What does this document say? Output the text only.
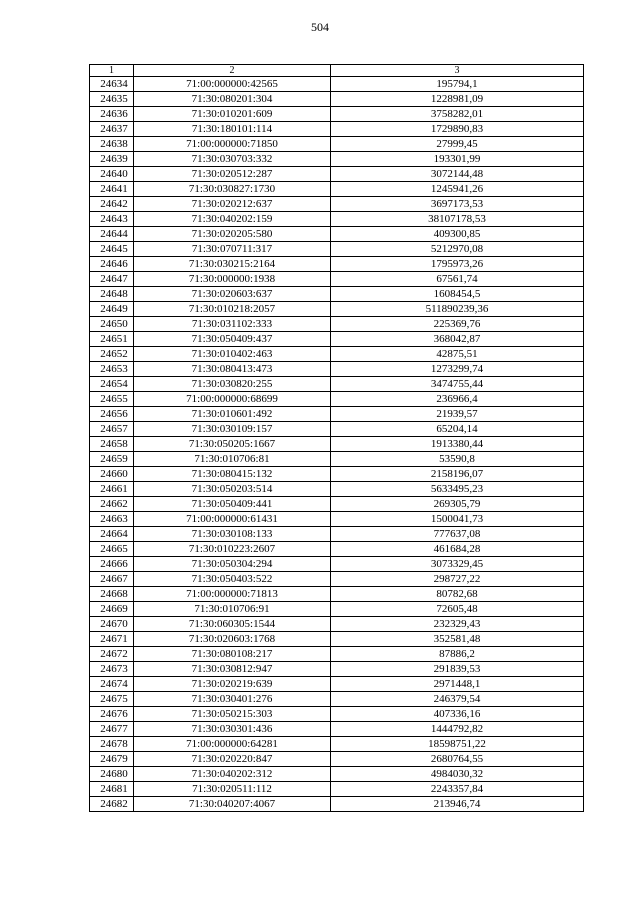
504
1	2	3
24634	71:00:000000:42565	195794,1
24635	71:30:080201:304	1228981,09
24636	71:30:010201:609	3758282,01
24637	71:30:180101:114	1729890,83
24638	71:00:000000:71850	27999,45
24639	71:30:030703:332	193301,99
24640	71:30:020512:287	3072144,48
24641	71:30:030827:1730	1245941,26
24642	71:30:020212:637	3697173,53
24643	71:30:040202:159	38107178,53
24644	71:30:020205:580	409300,85
24645	71:30:070711:317	5212970,08
24646	71:30:030215:2164	1795973,26
24647	71:30:000000:1938	67561,74
24648	71:30:020603:637	1608454,5
24649	71:30:010218:2057	511890239,36
24650	71:30:031102:333	225369,76
24651	71:30:050409:437	368042,87
24652	71:30:010402:463	42875,51
24653	71:30:080413:473	1273299,74
24654	71:30:030820:255	3474755,44
24655	71:00:000000:68699	236966,4
24656	71:30:010601:492	21939,57
24657	71:30:030109:157	65204,14
24658	71:30:050205:1667	1913380,44
24659	71:30:010706:81	53590,8
24660	71:30:080415:132	2158196,07
24661	71:30:050203:514	5633495,23
24662	71:30:050409:441	269305,79
24663	71:00:000000:61431	1500041,73
24664	71:30:030108:133	777637,08
24665	71:30:010223:2607	461684,28
24666	71:30:050304:294	3073329,45
24667	71:30:050403:522	298727,22
24668	71:00:000000:71813	80782,68
24669	71:30:010706:91	72605,48
24670	71:30:060305:1544	232329,43
24671	71:30:020603:1768	352581,48
24672	71:30:080108:217	87886,2
24673	71:30:030812:947	291839,53
24674	71:30:020219:639	2971448,1
24675	71:30:030401:276	246379,54
24676	71:30:050215:303	407336,16
24677	71:30:030301:436	1444792,82
24678	71:00:000000:64281	18598751,22
24679	71:30:020220:847	2680764,55
24680	71:30:040202:312	4984030,32
24681	71:30:020511:112	2243357,84
24682	71:30:040207:4067	213946,74
